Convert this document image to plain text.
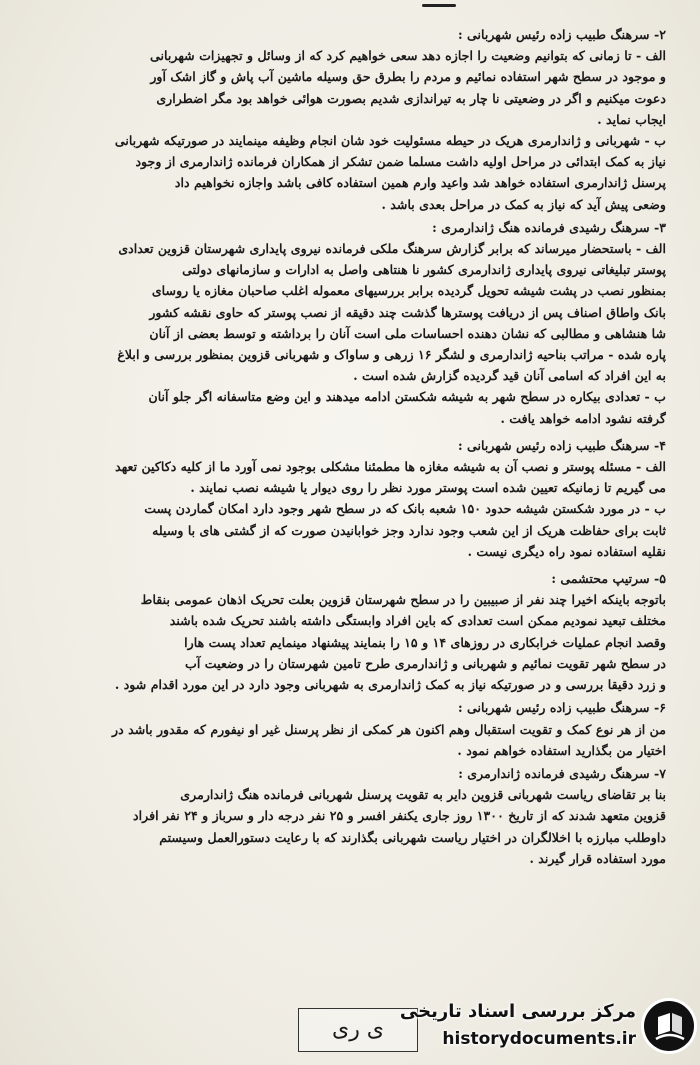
۲- سرهنگ طبیب زاده رئیس شهربانی :
الف - تا زمانی که بتوانیم وضعیت را اجازه دهد سعی خواهیم کرد که از وسائل و تجهیزات شهربانی
و موجود در سطح شهر استفاده نمائیم و مردم را بطرق حق وسیله ماشین آب پاش و گاز اشک آور
دعوت میکنیم و اگر در وضعیتی نا چار به تیراندازی شدیم بصورت هوائی خواهد بود مگر اضطراری
ایجاب نماید .
ب - شهربانی و ژاندارمری هریک در حیطه مسئولیت خود شان انجام وظیفه مینمایند در صورتیکه شهربانی
نیاز به کمک ابتدائی در مراحل اولیه داشت مسلما ضمن تشکر از همکاران فرمانده ژاندارمری از وجود
پرسنل ژاندارمری استفاده خواهد شد واعید وارم همین استفاده کافی باشد واجازه نخواهیم داد
وضعی پیش آید که نیاز به کمک در مراحل بعدی باشد .
۳- سرهنگ رشیدی فرمانده هنگ ژاندارمری :
الف - باستحضار میرساند که برابر گزارش سرهنگ ملکی فرمانده نیروی پایداری شهرستان قزوین تعدادی
پوستر تبلیغاتی نیروی پایداری ژاندارمری کشور نا هنتاهی واصل به ادارات و سازمانهای دولتی
بمنظور نصب در پشت شیشه تحویل گردیده برابر بررسیهای معموله اغلب صاحبان مغازه یا روسای
بانک واطاق اصناف پس از دریافت پوسترها گذشت چند دقیقه از نصب پوستر که حاوی نقشه کشور
شا هنشاهی و مطالبی که نشان دهنده احساسات ملی است آنان را برداشته و توسط بعضی از آنان
پاره شده - مراتب بناحیه ژاندارمری و لشگر ۱۶ زرهی و ساواک و شهربانی قزوین بمنظور بررسی و ابلاغ
به این افراد که اسامی آنان قید گردیده گزارش شده است .
ب - تعدادی بیکاره در سطح شهر به شیشه شکستن ادامه میدهند و این وضع متاسفانه اگر جلو آنان
گرفته نشود ادامه خواهد یافت .
۴- سرهنگ طبیب زاده رئیس شهربانی :
الف - مسئله پوستر و نصب آن به شیشه مغازه ها مطمئنا مشکلی بوجود نمی آورد ما از کلیه دکاکین تعهد
می گیریم تا زمانیکه تعیین شده است پوستر مورد نظر را روی دیوار یا شیشه نصب نمایند .
ب - در مورد شکستن شیشه حدود ۱۵۰ شعبه بانک که در سطح شهر وجود دارد امکان گماردن پست
ثابت برای حفاظت هریک از این شعب وجود ندارد وجز خوابانیدن صورت که از گشتی های با وسیله
نقلیه استفاده نمود راه دیگری نیست .
۵- سرتیپ محتشمی :
باتوجه باینکه اخیرا چند نفر از صبیبین را در سطح شهرستان قزوین بعلت تحریک اذهان عمومی بنقاط
مختلف تبعید نمودیم ممکن است تعدادی که باین افراد وابستگی داشته باشند تحریک شده باشند
وقصد انجام عملیات خرابکاری در روزهای ۱۴ و ۱۵ را بنمایند پیشنهاد مینمایم تعداد پست هارا
در سطح شهر تقویت نمائیم و شهربانی و ژاندارمری طرح تامین شهرستان را در وضعیت آب
و زرد دقیقا بررسی و در صورتیکه نیاز به کمک ژاندارمری به شهربانی وجود دارد در این مورد اقدام شود .
۶- سرهنگ طبیب زاده رئیس شهربانی :
من از هر نوع کمک و تقویت استقبال وهم اکنون هر کمکی از نظر پرسنل غیر او نیفورم که مقدور باشد در
اختیار من بگذارید استفاده خواهم نمود .
۷- سرهنگ رشیدی فرمانده ژاندارمری :
بنا بر تقاضای ریاست شهربانی قزوین دایر به تقویت پرسنل شهربانی فرمانده هنگ ژاندارمری
قزوین متعهد شدند که از تاریخ ۱۳۰۰ روز جاری یکنفر افسر و ۲۵ نفر درجه دار و سرباز و ۲۴ نفر افراد
داوطلب مبارزه با اخلالگران در اختیار ریاست شهربانی بگذارند که با رعایت دستورالعمل وسیستم
مورد استفاده قرار گیرند .
ی ری
مرکز بررسی اسناد تاریخی
historydocuments.ir
